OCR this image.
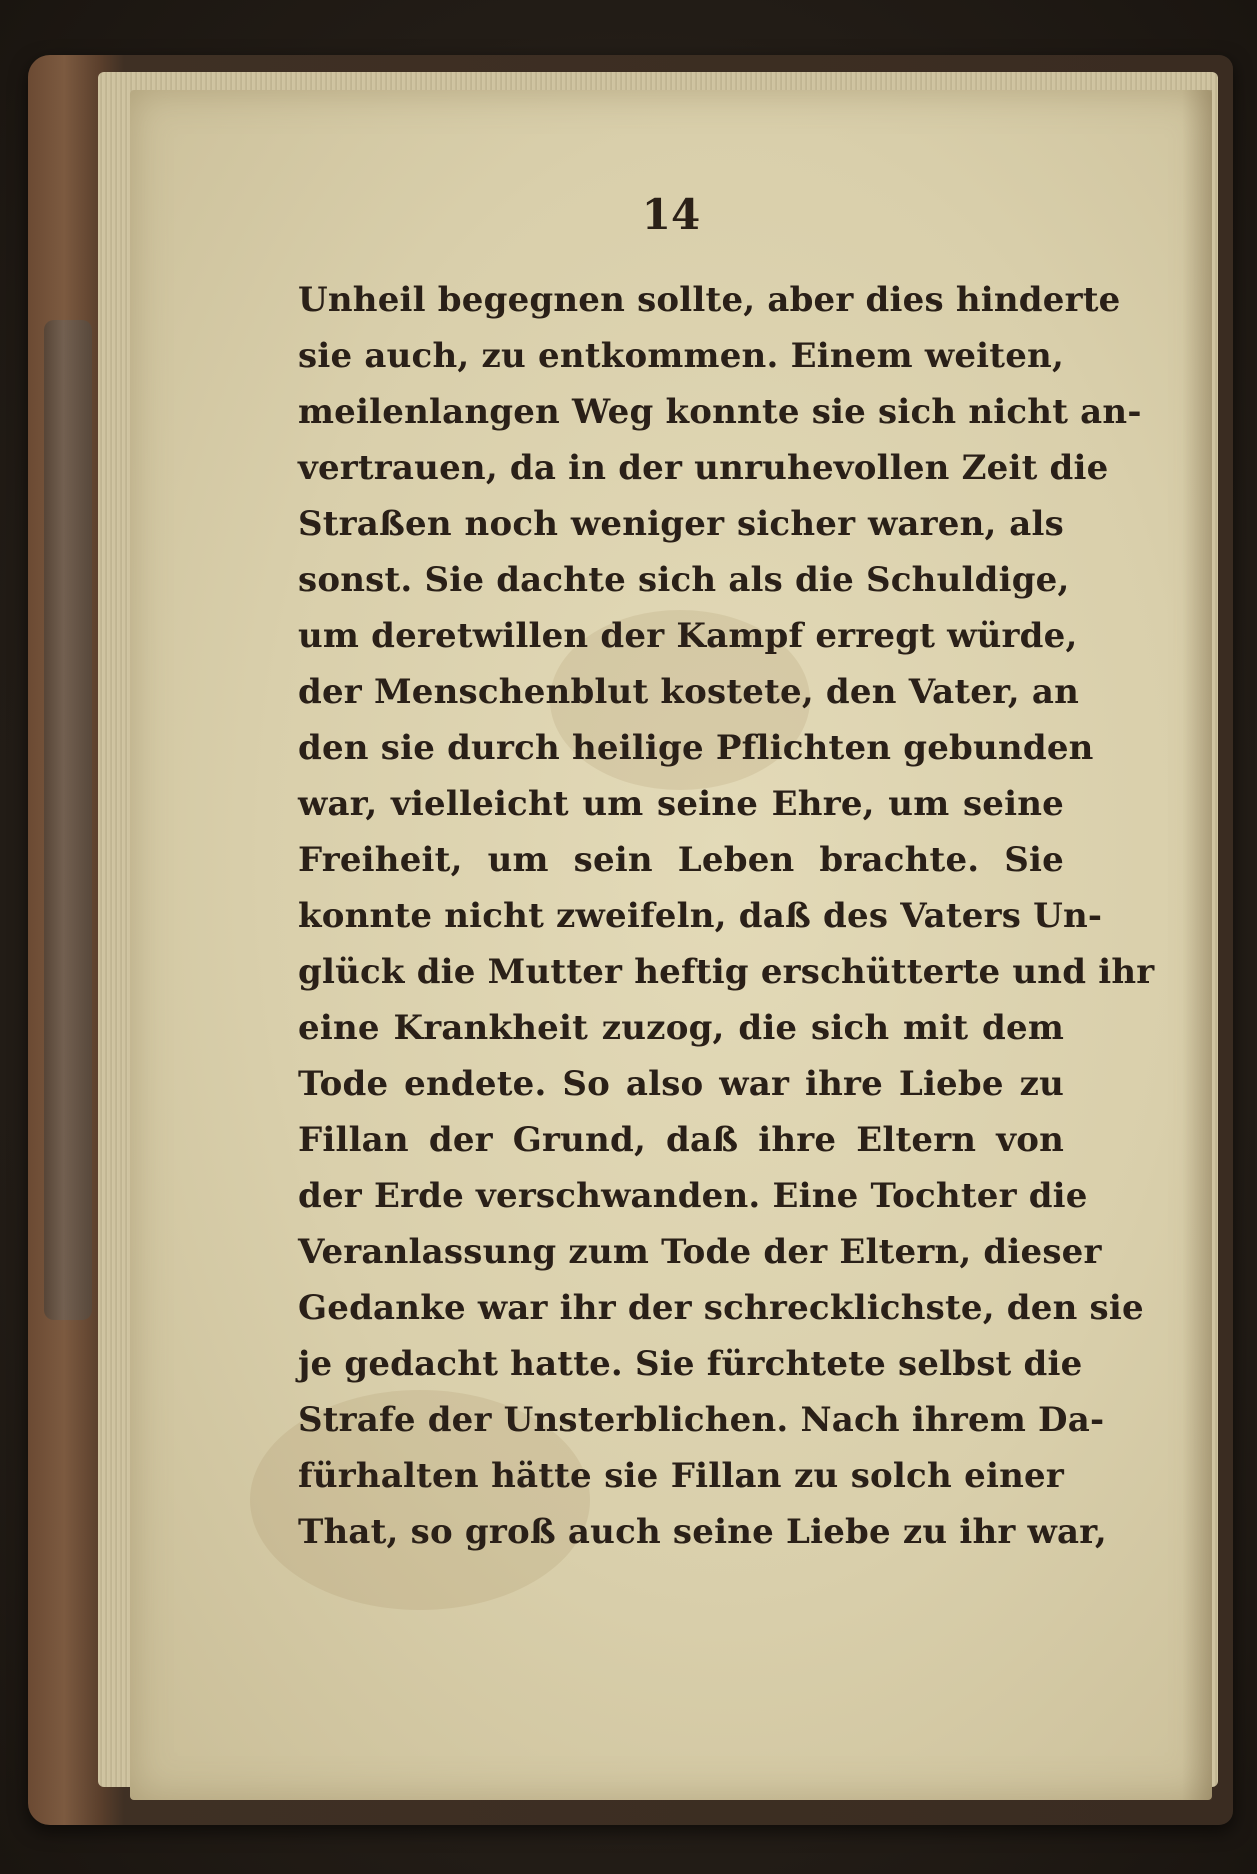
14
Unheil begegnen sollte, aber dies hinderte
sie auch, zu entkommen. Einem weiten,
meilenlangen Weg konnte sie sich nicht an-
vertrauen, da in der unruhevollen Zeit die
Straßen noch weniger sicher waren, als
sonst. Sie dachte sich als die Schuldige,
um deretwillen der Kampf erregt würde,
der Menschenblut kostete, den Vater, an
den sie durch heilige Pflichten gebunden
war, vielleicht um seine Ehre, um seine
Freiheit, um sein Leben brachte. Sie
konnte nicht zweifeln, daß des Vaters Un-
glück die Mutter heftig erschütterte und ihr
eine Krankheit zuzog, die sich mit dem
Tode endete. So also war ihre Liebe zu
Fillan der Grund, daß ihre Eltern von
der Erde verschwanden. Eine Tochter die
Veranlassung zum Tode der Eltern, dieser
Gedanke war ihr der schrecklichste, den sie
je gedacht hatte. Sie fürchtete selbst die
Strafe der Unsterblichen. Nach ihrem Da-
fürhalten hätte sie Fillan zu solch einer
That, so groß auch seine Liebe zu ihr war,
